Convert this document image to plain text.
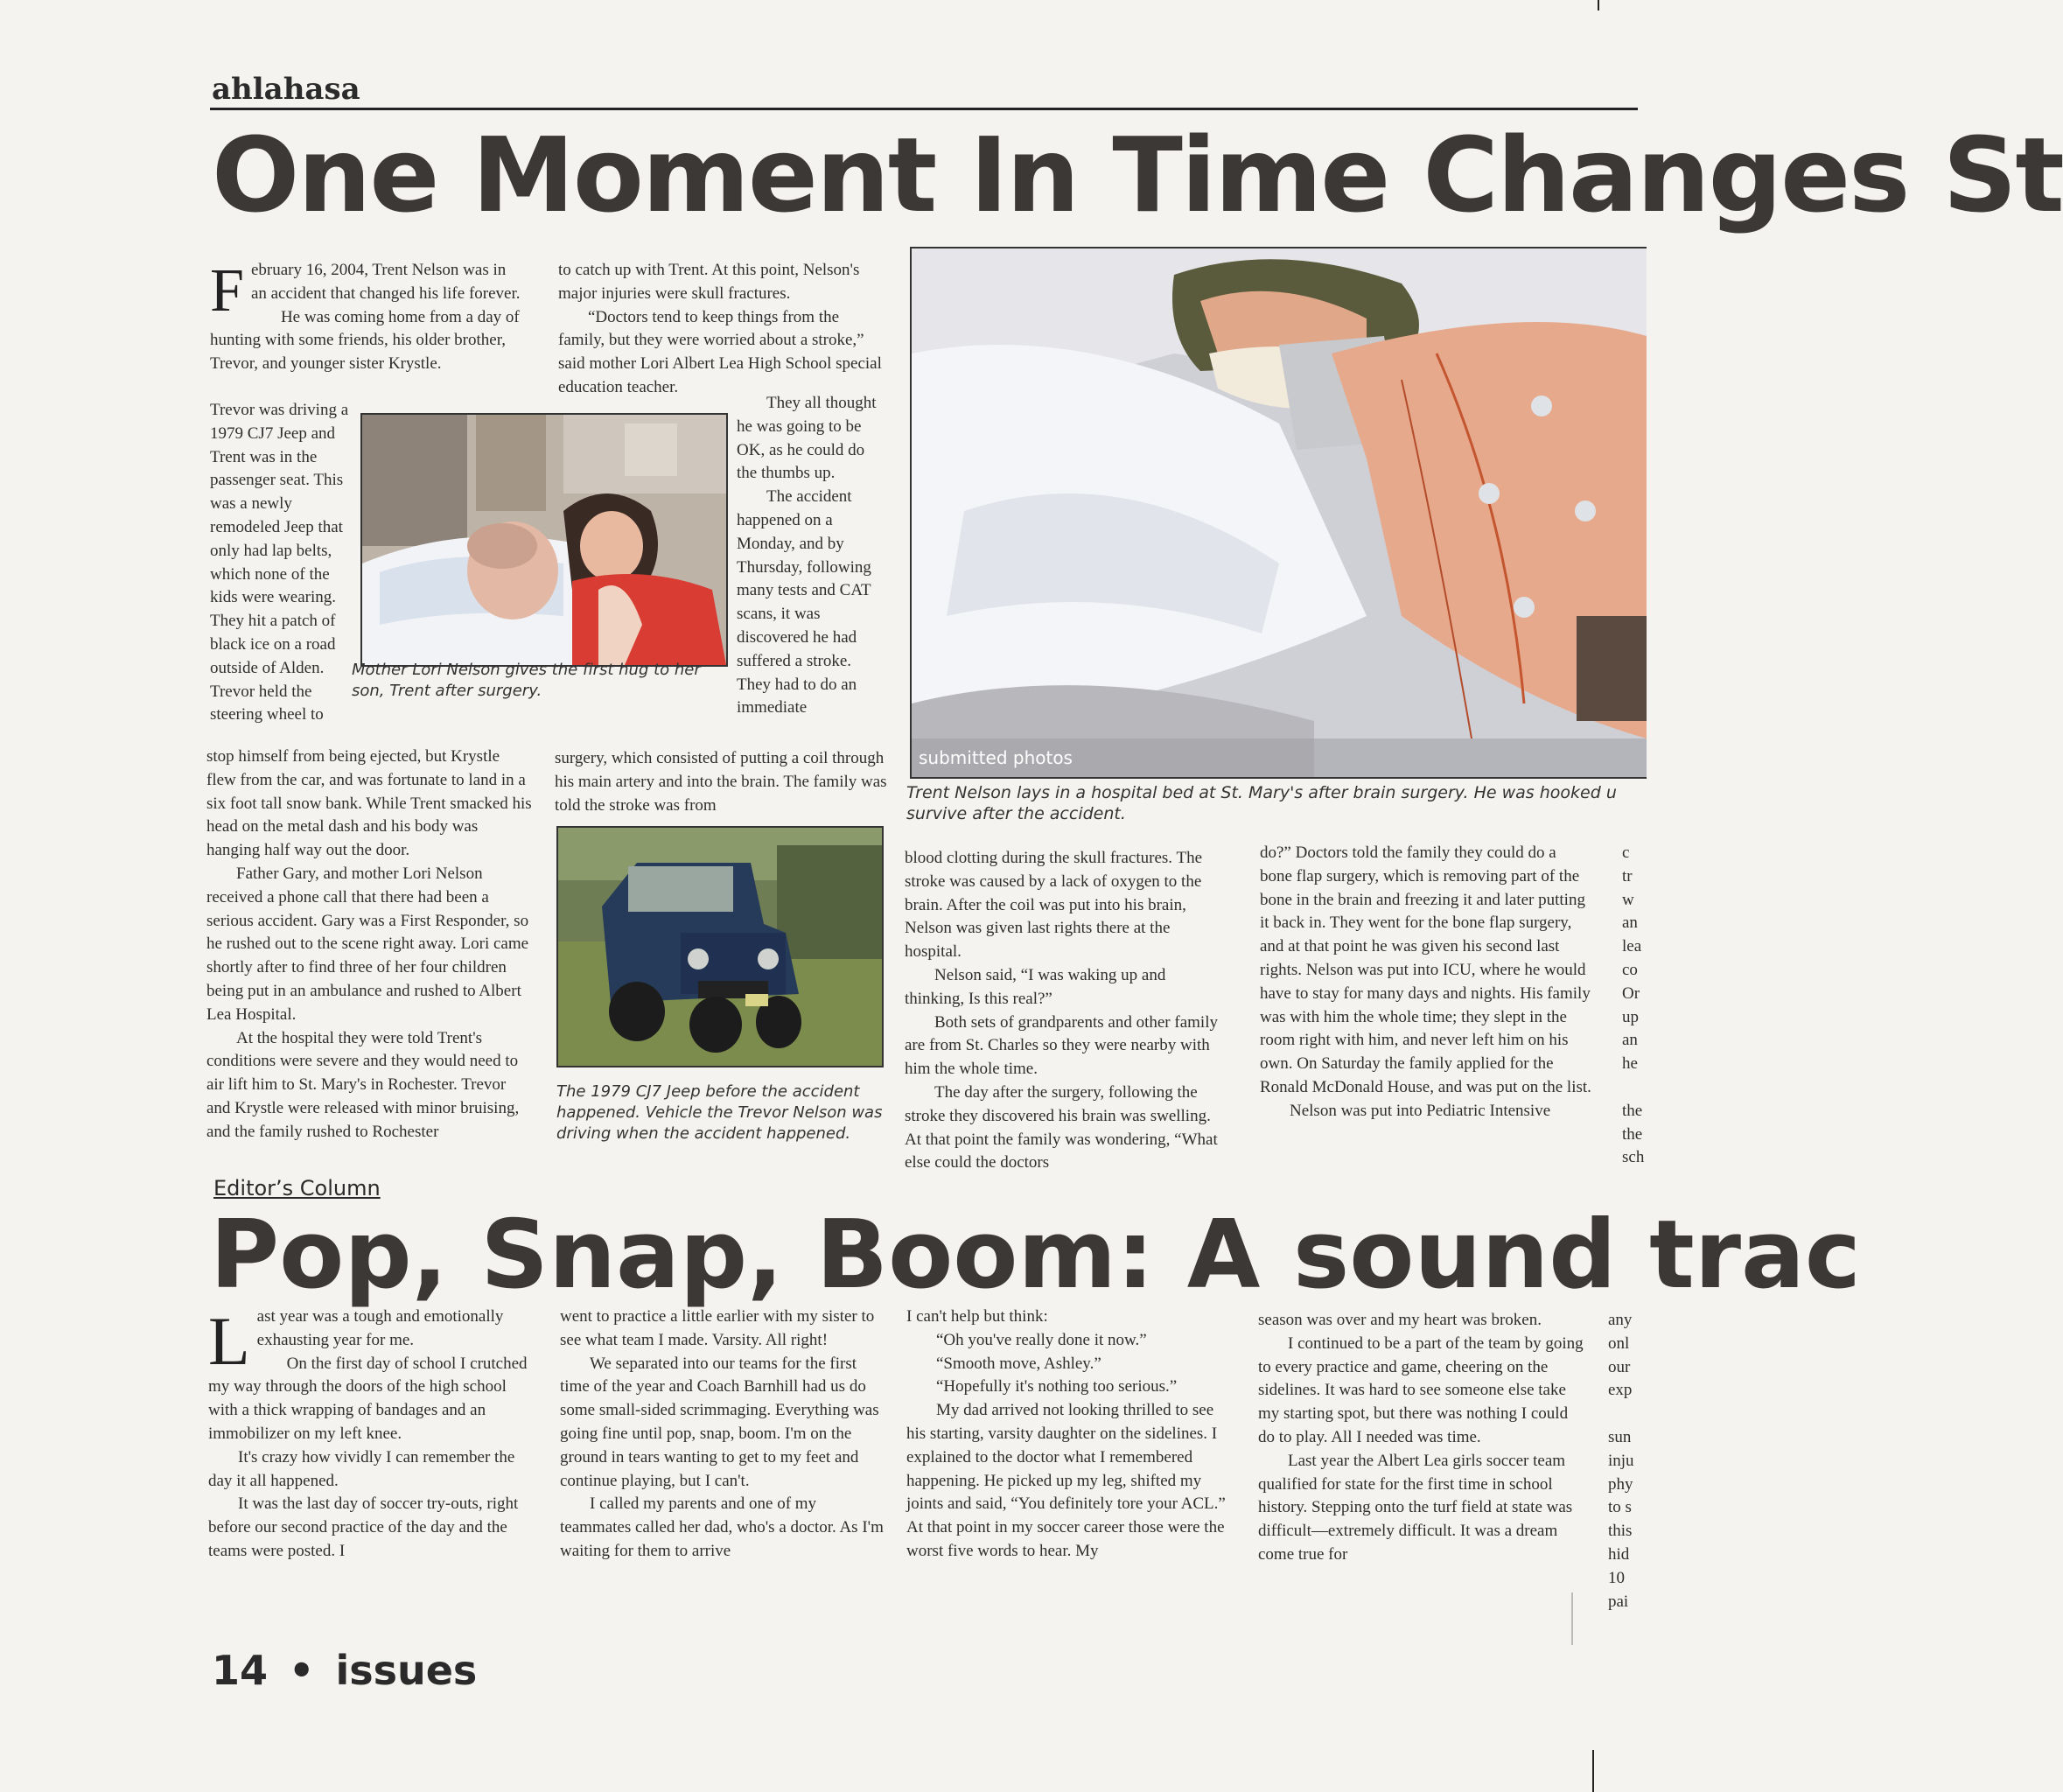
ahlahasa
One Moment In Time Changes St
F ebruary 16, 2004, Trent Nelson was in an accident that changed his life forever.

He was coming home from a day of hunting with some friends, his older brother, Trevor, and younger sister Krystle.

Trevor was driving a 1979 CJ7 Jeep and Trent was in the passenger seat. This was a newly remodeled Jeep that only had lap belts, which none of the kids were wearing. They hit a patch of black ice on a road outside of Alden. Trevor held the steering wheel to

stop himself from being ejected, but Krystle flew from the car, and was fortunate to land in a six foot tall snow bank. While Trent smacked his head on the metal dash and his body was hanging half way out the door.

Father Gary, and mother Lori Nelson received a phone call that there had been a serious accident. Gary was a First Responder, so he rushed out to the scene right away. Lori came shortly after to find three of her four children being put in an ambulance and rushed to Albert Lea Hospital.

At the hospital they were told Trent's conditions were severe and they would need to air lift him to St. Mary's in Rochester. Trevor and Krystle were released with minor bruising, and the family rushed to Rochester

to catch up with Trent. At this point, Nelson's major injuries were skull fractures.

“Doctors tend to keep things from the family, but they were worried about a stroke,” said mother Lori Albert Lea High School special education teacher.

They all thought he was going to be OK, as he could do the thumbs up.

The accident happened on a Monday, and by Thursday, following many tests and CAT scans, it was discovered he had suffered a stroke. They had to do an immediate

surgery, which consisted of putting a coil through his main artery and into the brain. The family was told the stroke was from

Mother Lori Nelson gives the first hug to her son, Trent after surgery.
The 1979 CJ7 Jeep before the accident happened. Vehicle the Trevor Nelson was driving when the accident happened.
submitted photos
Trent Nelson lays in a hospital bed at St. Mary's after brain surgery. He was hooked u survive after the accident.

blood clotting during the skull fractures. The stroke was caused by a lack of oxygen to the brain. After the coil was put into his brain, Nelson was given last rights there at the hospital.

Nelson said, “I was waking up and thinking, Is this real?”

Both sets of grandparents and other family are from St. Charles so they were nearby with him the whole time.

The day after the surgery, following the stroke they discovered his brain was swelling. At that point the family was wondering, “What else could the doctors

do?” Doctors told the family they could do a bone flap surgery, which is removing part of the bone in the brain and freezing it and later putting it back in. They went for the bone flap surgery, and at that point he was given his second last rights. Nelson was put into ICU, where he would have to stay for many days and nights. His family was with him the whole time; they slept in the room right with him, and never left him on his own. On Saturday the family applied for the Ronald McDonald House, and was put on the list.

Nelson was put into Pediatric Intensive

c
tr
w
an
lea
co
Or
up
an
he

the
the
sch
Editor’s Column
Pop, Snap, Boom: A sound trac
L ast year was a tough and emotionally exhausting year for me.

On the first day of school I crutched my way through the doors of the high school with a thick wrapping of bandages and an immobilizer on my left knee.

It's crazy how vividly I can remember the day it all happened.

It was the last day of soccer try-outs, right before our second practice of the day and the teams were posted. I

went to practice a little earlier with my sister to see what team I made. Varsity. All right!

We separated into our teams for the first time of the year and Coach Barnhill had us do some small-sided scrimmaging. Everything was going fine until pop, snap, boom. I'm on the ground in tears wanting to get to my feet and continue playing, but I can't.

I called my parents and one of my teammates called her dad, who's a doctor. As I'm waiting for them to arrive

I can't help but think:

“Oh you've really done it now.”

“Smooth move, Ashley.”

“Hopefully it's nothing too serious.”

My dad arrived not looking thrilled to see his starting, varsity daughter on the sidelines. I explained to the doctor what I remembered happening. He picked up my leg, shifted my joints and said, “You definitely tore your ACL.” At that point in my soccer career those were the worst five words to hear. My

season was over and my heart was broken.

I continued to be a part of the team by going to every practice and game, cheering on the sidelines. It was hard to see someone else take my starting spot, but there was nothing I could do to play. All I needed was time.

Last year the Albert Lea girls soccer team qualified for state for the first time in school history. Stepping onto the turf field at state was difficult—extremely difficult. It was a dream come true for

any
onl
our
exp

sun
inju
phy
to s
this
hid
10
pai
14 • issues
